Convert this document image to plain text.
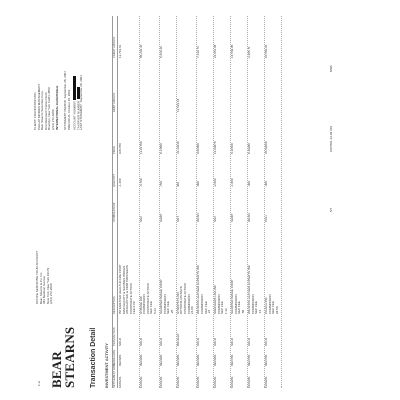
F-H BEAR
STEARNS
OFFICE SERVICING YOUR ACCOUNT Bear, Stearns & Co. Inc. 383 Madison Avenue New York, New York 10179 (212) 272-2000
CLIENT: FOUNDATION INC. PHILLIP MORRIS MANAGEMENT Bear Stearns Securities Corp. One Metrotech Center North Brooklyn, New York 11201-3859 (212) 272-1000 INTERNATIONAL CHARITABLE STATEMENT PERIOD  September 28, 2001
PREVIOUS  October 26, 2001
ACCOUNT NUMBER TAXPAYER NUMBER LAST STATEMENT  September 28, 2001
Transaction Detail INVESTMENT ACTIVITY SETTLEMENT DATE
TRADE DATE
TRANSACTION
DESCRIPTION
SYMBOL/CUSIP
QUANTITY
PRICE
DEBIT AMOUNT
CREDIT AMOUNT
10/01/01
09/26/01
SOLD
-1,400
9.81780
13,719.61
INTEGRATED HEALTHCARE CORP MAIN EQUITY & SAVINGS PRICES UNSOLICITED & FIRM PROCEEDS CORPORATE ACTION FEE 0.00
10/01/01
09/26/01
SOLD
SKX
-6,700
13.01780
85,203.46
SYBASE INC COMMISSION CORPORATE ACTION SEC FEE 5.23
10/01/01
09/26/01
SOLD
SHRP
-700
8.14500
5,669.30
SHARPER IMAGE CORP COMMISSION SEC FEE .25
10/01/01
09/26/01
BOUGHT
SGT
400
31.34640
12,523.18
SYNOPSYS INC OPTIONS ON BACK CORPORATE ACTION COMMISSION 24.00
10/01/01
09/26/01
SOLD
WLSN
-800
9.00000
7,149.76
WILSONS LEATHER EXPERTS INC COMMISSION SEC FEE .24
10/01/01
09/26/01
SOLD
SKX
-2,000
12.04870
24,051.68
SKECHERS USA INC COMMISSION SEC FEE 1.22
10/02/01
09/27/01
SOLD
SHRP
-1,800
8.11500
14,569.05
SHARPER IMAGE CORP COMMISSION SEC FEE .58
10/02/01
09/27/01
SOLD
WLSN
-400
8.49280
3,385.71
WILSONS LEATHER EXPERTS INC COMMISSION SEC FEE .14
10/02/01
09/27/01
SOLD
COH
-400
26.52000
10,583.64
COACH INC COMMISSION SEC FEE 28.50
5/7
1007001-12-09 001
MSB
